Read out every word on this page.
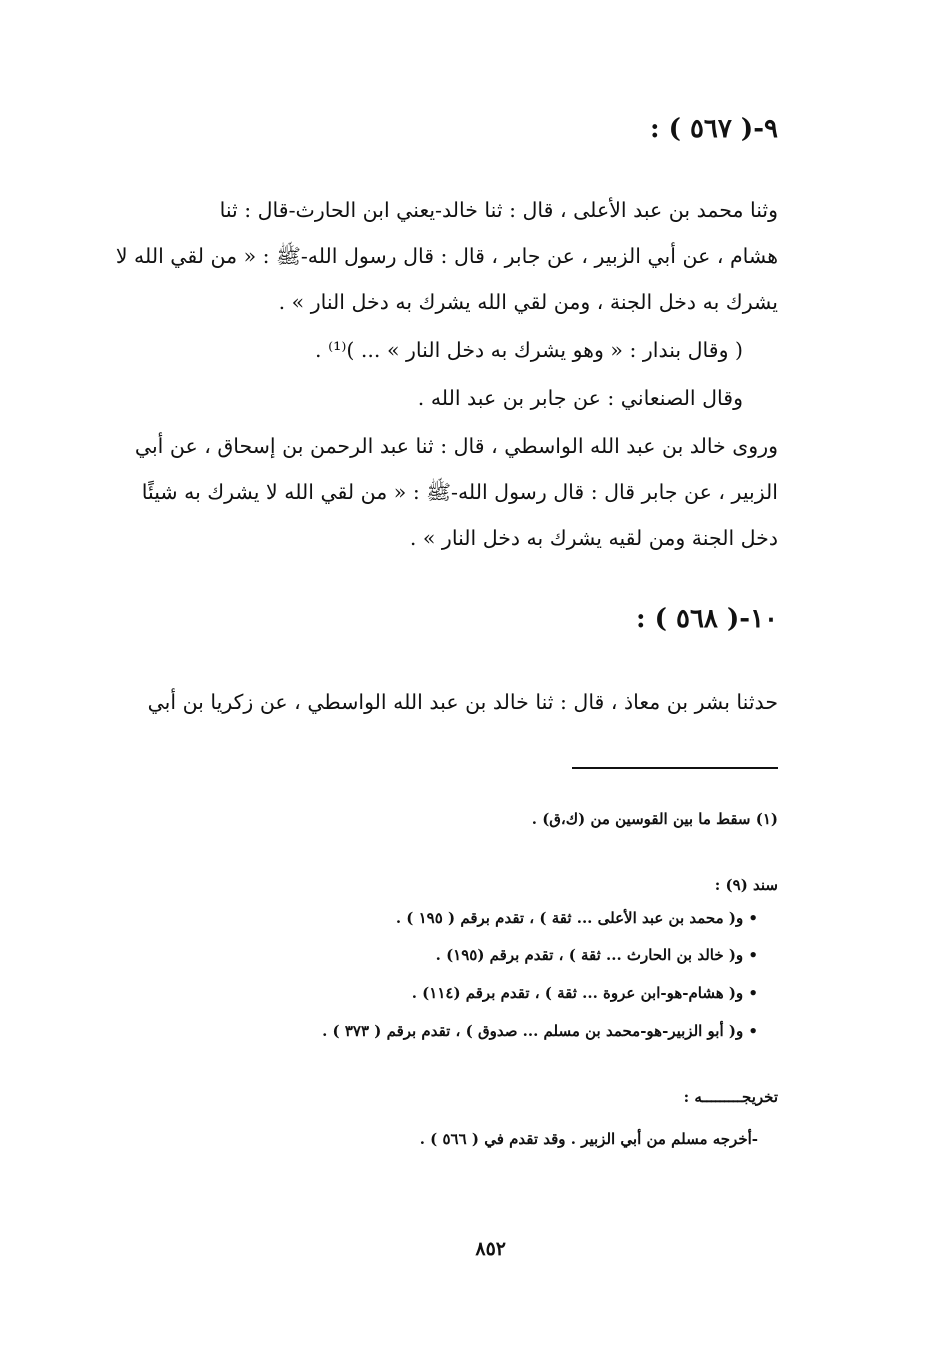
٩-( ٥٦٧ ) :
وثنا محمد بن عبد الأعلى ، قال : ثنا خالد-يعني ابن الحارث-قال : ثنا
هشام ، عن أبي الزبير ، عن جابر ، قال : قال رسول الله-ﷺ : « من لقي الله لا
يشرك به دخل الجنة ، ومن لقي الله يشرك به دخل النار » .
( وقال بندار : « وهو يشرك به دخل النار » ... )⁽¹⁾ .
وقال الصنعاني : عن جابر بن عبد الله .
وروى خالد بن عبد الله الواسطي ، قال : ثنا عبد الرحمن بن إسحاق ، عن أبي
الزبير ، عن جابر قال : قال رسول الله-ﷺ : « من لقي الله لا يشرك به شيئًا
دخل الجنة ومن لقيه يشرك به دخل النار » .
١٠-( ٥٦٨ ) :
حدثنا بشر بن معاذ ، قال : ثنا خالد بن عبد الله الواسطي ، عن زكريا بن أبي
(١) سقط ما بين القوسين من (ك،ق) .
سند (٩) :
• و( محمد بن عبد الأعلى ... ثقة ) ، تقدم برقم ( ١٩٥ ) .
• و( خالد بن الحارث ... ثقة ) ، تقدم برقم (١٩٥) .
• و( هشام-هو-ابن عروة ... ثقة ) ، تقدم برقم (١١٤) .
• و( أبو الزبير-هو-محمد بن مسلم ... صدوق ) ، تقدم برقم ( ٣٧٣ ) .
تخريجـــــــــه :
-أخرجه مسلم من أبي الزبير . وقد تقدم في ( ٥٦٦ ) .
٨٥٢
